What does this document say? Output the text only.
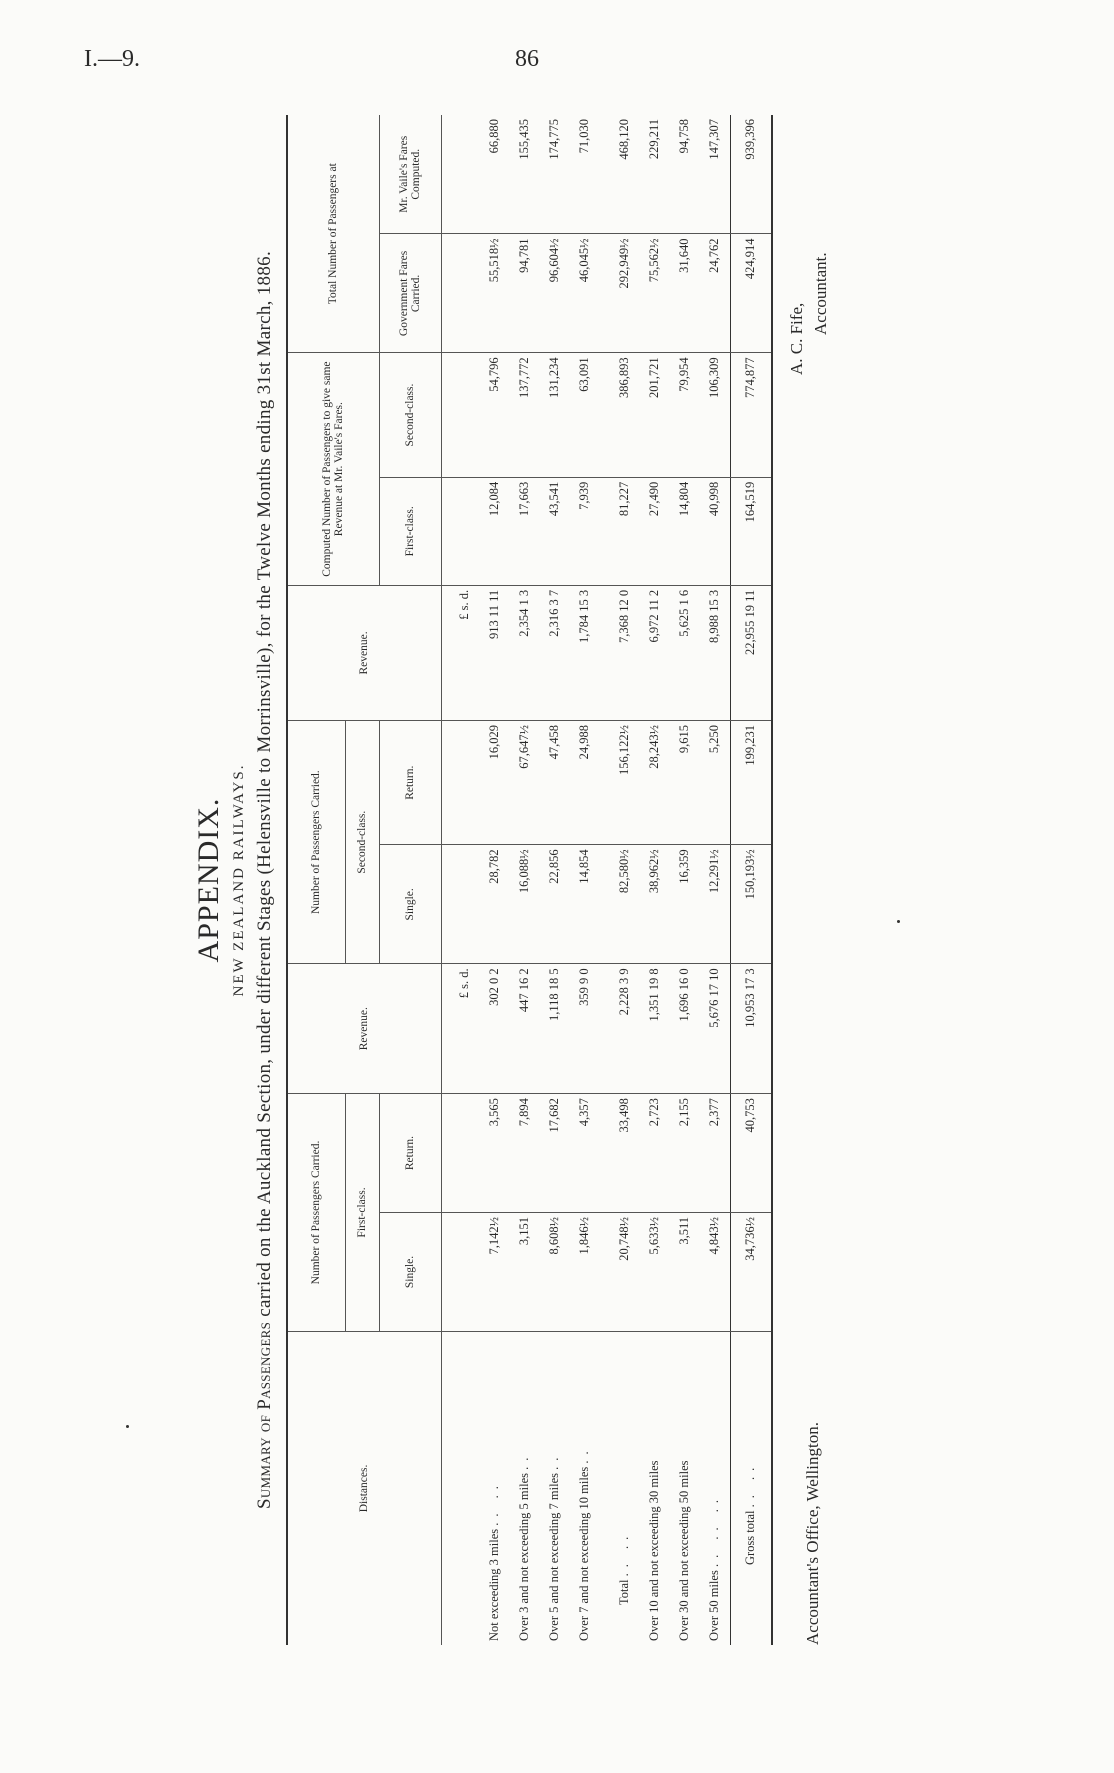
I.—9.	86
APPENDIX. NEW ZEALAND RAILWAYS.
Summary of Passengers carried on the Auckland Section, under different Stages (Helensville to Morrinsville), for the Twelve Months ending 31st March, 1886.
Distances.	Number of Passengers Carried.		Revenue.	Number of Passengers Carried.		Revenue.	Computed Number of Passengers to give same Revenue at Mr. Vaile's Fares.		Total Number of Passengers at	
	First-class.			Second-class.						
	Single.	Return.		Single.	Return.		First-class.	Second-class.	Government Fares Carried.	Mr. Vaile's Fares Computed.
			£ s. d.			£ s. d.				
Not exceeding 3 miles .. ..	7,142½	3,565	302 0 2	28,782	16,029	913 11 11	12,084	54,796	55,518½	66,880
Over 3 and not exceeding 5 miles ..	3,151	7,894	447 16 2	16,088½	67,647½	2,354 1 3	17,663	137,772	94,781	155,435
Over 5 and not exceeding 7 miles ..	8,608½	17,682	1,118 18 5	22,856	47,458	2,316 3 7	43,541	131,234	96,604½	174,775
Over 7 and not exceeding 10 miles ..	1,846½	4,357	359 9 0	14,854	24,988	1,784 15 3	7,939	63,091	46,045½	71,030

Total .. ..	20,748½	33,498	2,228 3 9	82,580½	156,122½	7,368 12 0	81,227	386,893	292,949½	468,120
Over 10 and not exceeding 30 miles	5,633½	2,723	1,351 19 8	38,962½	28,243½	6,972 11 2	27,490	201,721	75,562½	229,211
Over 30 and not exceeding 50 miles	3,511	2,155	1,696 16 0	16,359	9,615	5,625 1 6	14,804	79,954	31,640	94,758
Over 50 miles .. .. ..	4,843½	2,377	5,676 17 10	12,291½	5,250	8,988 15 3	40,998	106,309	24,762	147,307
Gross total .. ..	34,736½	40,753	10,953 17 3	150,193½	199,231	22,955 19 11	164,519	774,877	424,914	939,396
Accountant's Office, Wellington.
A. C. Fife,
Accountant.
